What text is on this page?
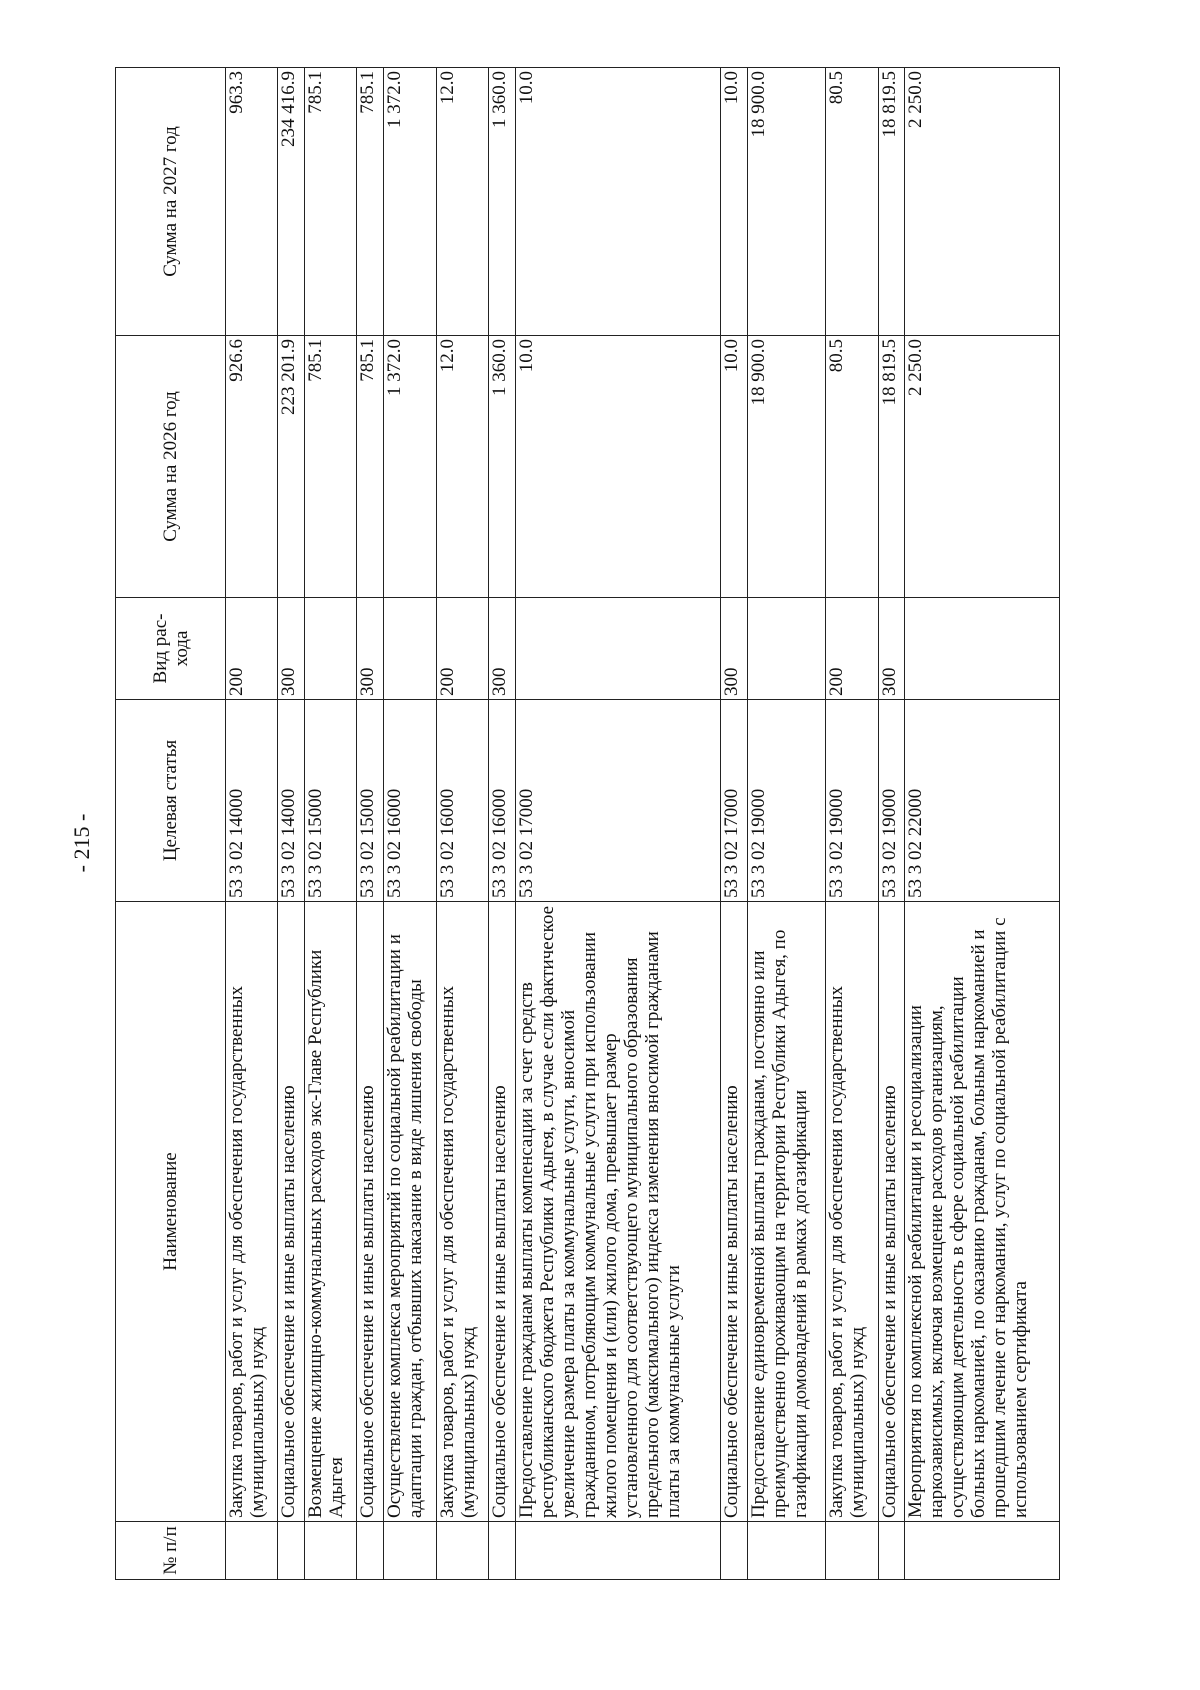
- 215 -
№ п/п	Наименование	Целевая статья	Вид рас-хода	Сумма на 2026 год	Сумма на 2027 год
	Закупка товаров, работ и услуг для обеспечения государственных (муниципальных) нужд	53 3 02 14000	200	926.6	963.3
	Социальное обеспечение и иные выплаты населению	53 3 02 14000	300	223 201.9	234 416.9
	Возмещение жилищно-коммунальных расходов экс-Главе Республики Адыгея	53 3 02 15000		785.1	785.1
	Социальное обеспечение и иные выплаты населению	53 3 02 15000	300	785.1	785.1
	Осуществление комплекса мероприятий по социальной реабилитации и адаптации граждан, отбывших наказание в виде лишения свободы	53 3 02 16000		1 372.0	1 372.0
	Закупка товаров, работ и услуг для обеспечения государственных (муниципальных) нужд	53 3 02 16000	200	12.0	12.0
	Социальное обеспечение и иные выплаты населению	53 3 02 16000	300	1 360.0	1 360.0
	Предоставление гражданам выплаты компенсации за счет средств республиканского бюджета Республики Адыгея, в случае если фактическое увеличение размера платы за коммунальные услуги, вносимой гражданином, потребляющим коммунальные услуги при использовании жилого помещения и (или) жилого дома, превышает размер установленного для соответствующего муниципального образования предельного (максимального) индекса изменения вносимой гражданами платы за коммунальные услуги	53 3 02 17000		10.0	10.0
	Социальное обеспечение и иные выплаты населению	53 3 02 17000	300	10.0	10.0
	Предоставление единовременной выплаты гражданам, постоянно или преимущественно проживающим на территории Республики Адыгея, по газификации домовладений в рамках догазификации	53 3 02 19000		18 900.0	18 900.0
	Закупка товаров, работ и услуг для обеспечения государственных (муниципальных) нужд	53 3 02 19000	200	80.5	80.5
	Социальное обеспечение и иные выплаты населению	53 3 02 19000	300	18 819.5	18 819.5
	Мероприятия по комплексной реабилитации и ресоциализации наркозависимых, включая возмещение расходов организациям, осуществляющим деятельность в сфере социальной реабилитации больных наркоманией, по оказанию гражданам, больным наркоманией и прошедшим лечение от наркомании, услуг по социальной реабилитации с использованием сертификата	53 3 02 22000		2 250.0	2 250.0
